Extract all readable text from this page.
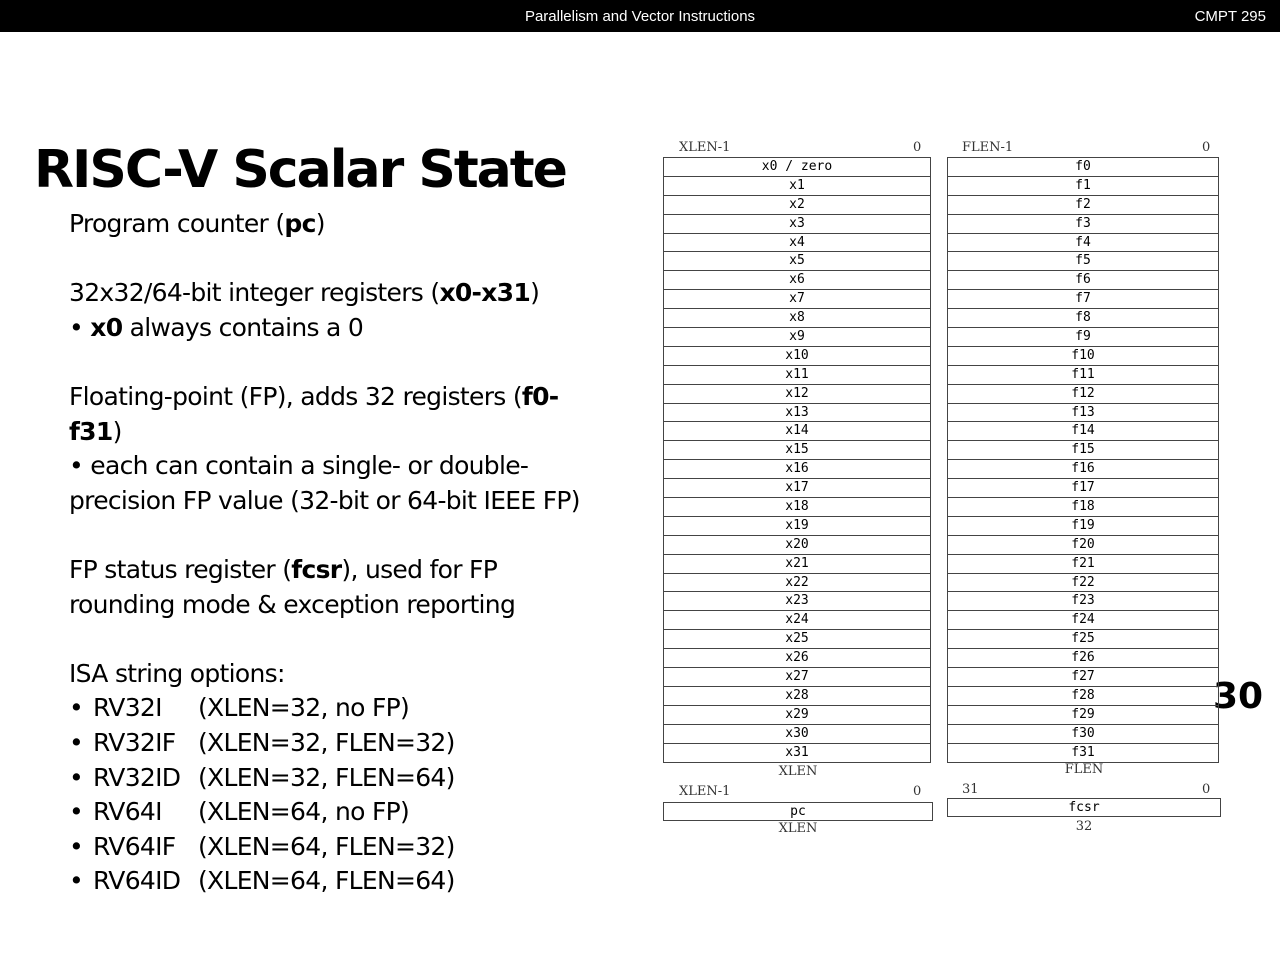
Parallelism and Vector Instructions	CMPT 295
RISC-V Scalar State
Program counter (pc)
32x32/64-bit integer registers (x0-x31)
• x0 always contains a 0
Floating-point (FP), adds 32 registers (f0-
f31)
• each can contain a single- or double-
precision FP value (32-bit or 64-bit IEEE FP)
FP status register (fcsr), used for FP
rounding mode & exception reporting
ISA string options:
• RV32I	(XLEN=32, no FP)
• RV32IF (XLEN=32, FLEN=32)
• RV32ID (XLEN=32, FLEN=64)
• RV64I	(XLEN=64, no FP)
• RV64IF (XLEN=64, FLEN=32)
• RV64ID (XLEN=64, FLEN=64)
30
XLEN-1	0
x0 / zero
x1
x2
x3
x4
x5
x6
x7
x8
x9
x10
x11
x12
x13
x14
x15
x16
x17
x18
x19
x20
x21
x22
x23
x24
x25
x26
x27
x28
x29
x30
x31
XLEN
FLEN-1	0
f0
f1
f2
f3
f4
f5
f6
f7
f8
f9
f10
f11
f12
f13
f14
f15
f16
f17
f18
f19
f20
f21
f22
f23
f24
f25
f26
f27
f28
f29
f30
f31
FLEN
XLEN-1	0
pc
XLEN
31	0
fcsr
32
